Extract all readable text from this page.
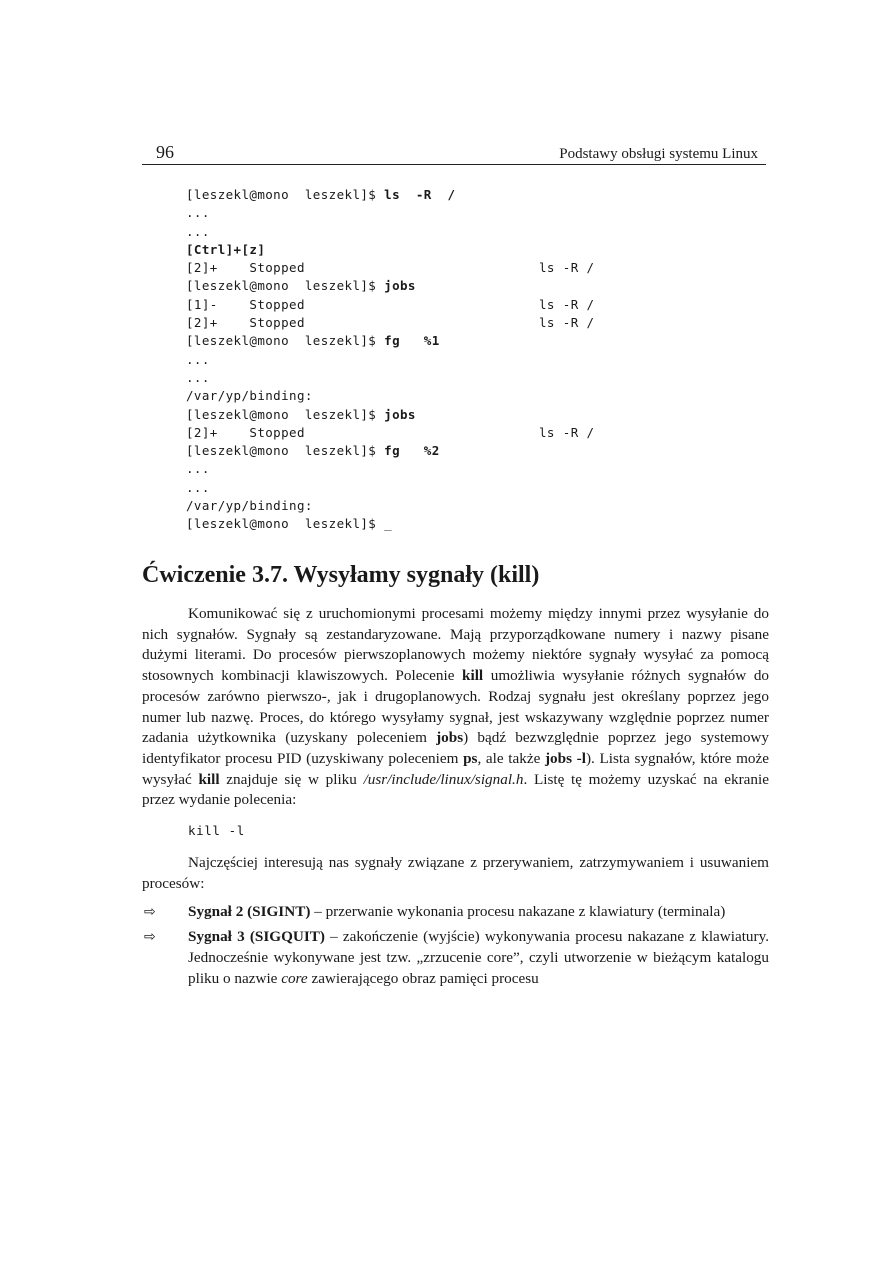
96	Podstawy obsługi systemu Linux
[leszekl@mono  leszekl]$ ls  -R  /
...
...
[Ctrl]+[z]
[2]+    Stopped	ls -R /
[leszekl@mono  leszekl]$ jobs
[1]-    Stopped	ls -R /
[2]+    Stopped	ls -R /
[leszekl@mono  leszekl]$ fg   %1
...
...
/var/yp/binding:
[leszekl@mono  leszekl]$ jobs
[2]+    Stopped	ls -R /
[leszekl@mono  leszekl]$ fg   %2
...
...
/var/yp/binding:
[leszekl@mono  leszekl]$ _
Ćwiczenie 3.7. Wysyłamy sygnały (kill)

Komunikować się z uruchomionymi procesami możemy między innymi przez wysyłanie do nich sygnałów. Sygnały są zestandaryzowane. Mają przyporządkowane numery i nazwy pisane dużymi literami. Do procesów pierwszoplanowych możemy niektóre sygnały wysyłać za pomocą stosownych kombinacji klawiszowych. Polecenie kill umożliwia wysyłanie różnych sygnałów do procesów zarówno pierwszo-, jak i drugoplanowych. Rodzaj sygnału jest określany poprzez jego numer lub nazwę. Proces, do którego wysyłamy sygnał, jest wskazywany względnie poprzez numer zadania użytkownika (uzyskany poleceniem jobs) bądź bezwzględnie poprzez jego systemowy identyfikator procesu PID (uzyskiwany poleceniem ps, ale także jobs -l). Lista sygnałów, które może wysyłać kill znajduje się w pliku /usr/include/linux/signal.h. Listę tę możemy uzyskać na ekranie przez wydanie polecenia:

kill -l

Najczęściej interesują nas sygnały związane z przerywaniem, zatrzymywaniem i usuwaniem procesów:

⇨ Sygnał 2 (SIGINT) – przerwanie wykonania procesu nakazane z klawiatury (terminala)
⇨ Sygnał 3 (SIGQUIT) – zakończenie (wyjście) wykonywania procesu nakazane z klawiatury. Jednocześnie wykonywane jest tzw. „zrzucenie core”, czyli utworzenie w bieżącym katalogu pliku o nazwie core zawierającego obraz pamięci procesu
